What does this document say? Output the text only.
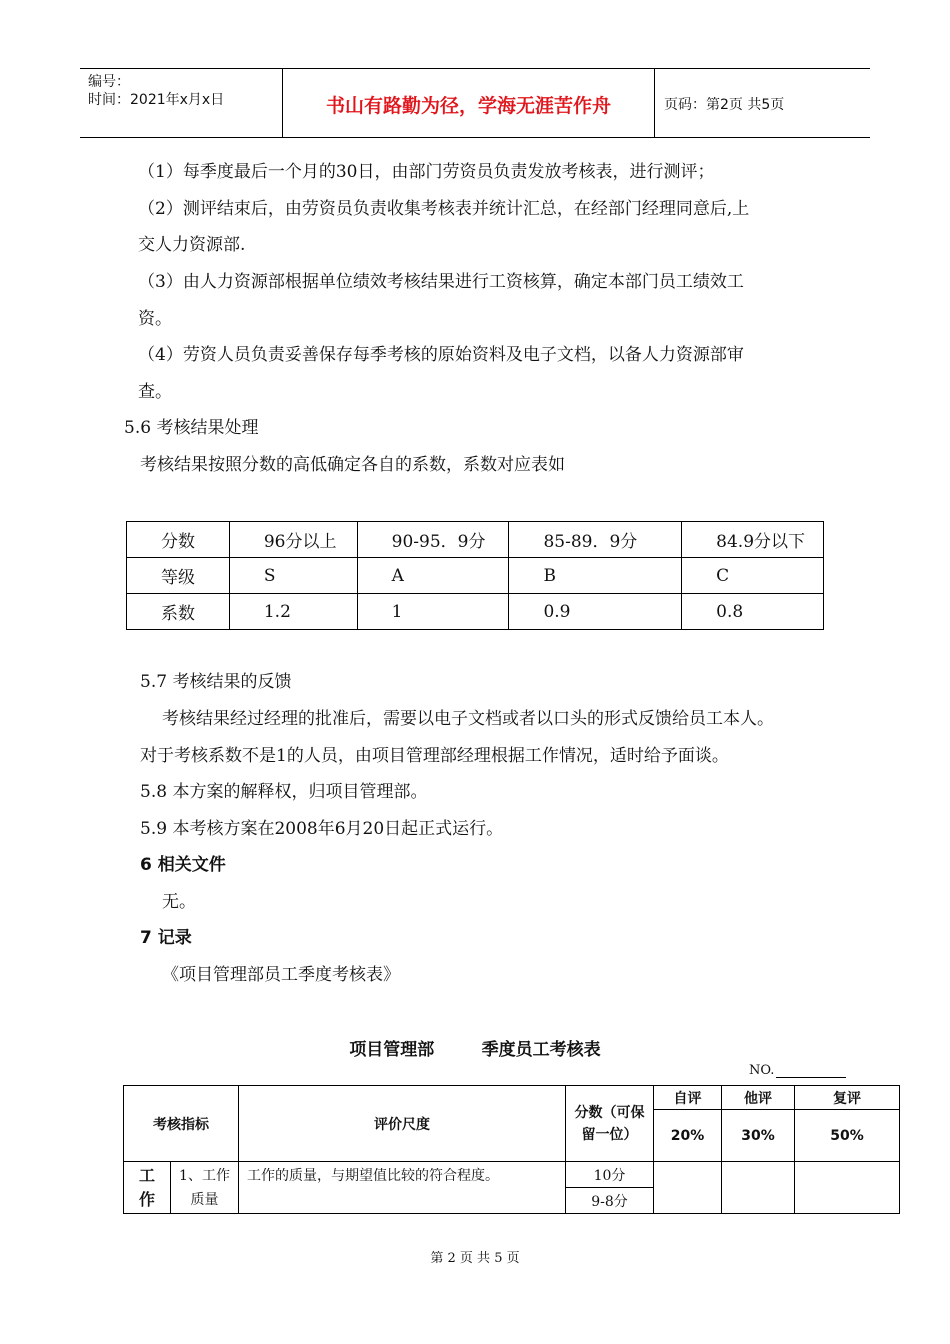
编号：
时间：2021年x月x日	书山有路勤为径，学海无涯苦作舟	页码：第2页 共5页
（1）每季度最后一个月的30日，由部门劳资员负责发放考核表，进行测评；
（2）测评结束后，由劳资员负责收集考核表并统计汇总，在经部门经理同意后,上
交人力资源部.
（3）由人力资源部根据单位绩效考核结果进行工资核算，确定本部门员工绩效工
资。
（4）劳资人员负责妥善保存每季考核的原始资料及电子文档，以备人力资源部审
查。
5.6 考核结果处理
考核结果按照分数的高低确定各自的系数，系数对应表如
分数	96分以上	90-95．9分	85-89．9分	84.9分以下
等级	S	A	B	C
系数	1.2	1	0.9	0.8
5.7 考核结果的反馈
考核结果经过经理的批准后，需要以电子文档或者以口头的形式反馈给员工本人。
对于考核系数不是1的人员，由项目管理部经理根据工作情况，适时给予面谈。
5.8 本方案的解释权，归项目管理部。
5.9 本考核方案在2008年6月20日起正式运行。
6 相关文件
无。
7 记录
《项目管理部员工季度考核表》
项目管理部        季度员工考核表
NO.
考核指标		评价尺度	分数（可保留一位）	自评	他评	复评
				20%	30%	50%

工作	1、工作质量	工作的质量，与期望值比较的符合程度。	10分			
			9-8分			
第 2 页 共 5 页
